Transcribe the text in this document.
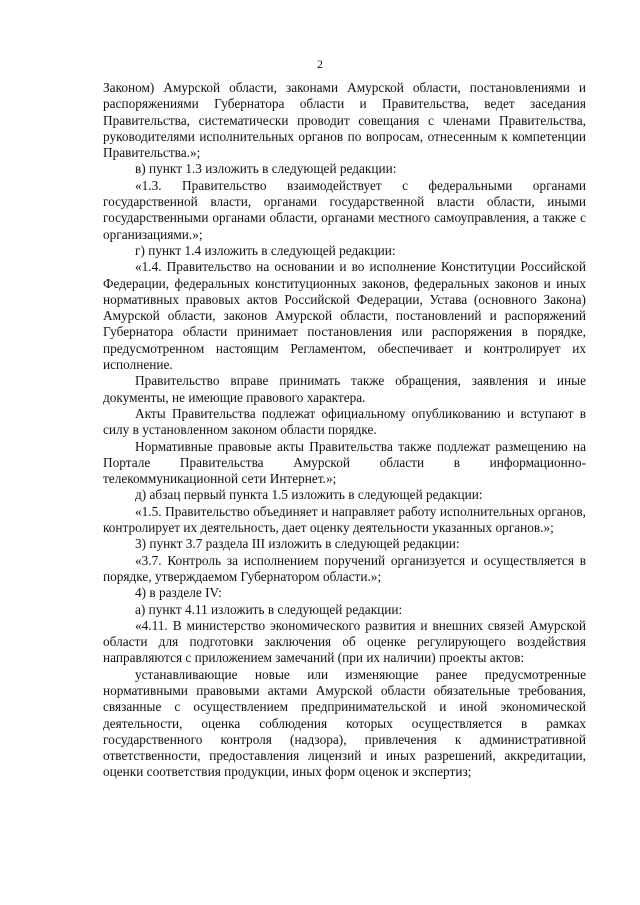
2

Законом) Амурской области, законами Амурской области, постановлениями и распоряжениями Губернатора области и Правительства, ведет заседания Правительства, систематически проводит совещания с членами Правительства, руководителями исполнительных органов по вопросам, отнесенным к компетенции Правительства.»;

в) пункт 1.3 изложить в следующей редакции:

«1.3. Правительство взаимодействует с федеральными органами государственной власти, органами государственной власти области, иными государственными органами области, органами местного самоуправления, а также с организациями.»;

г) пункт 1.4 изложить в следующей редакции:

«1.4. Правительство на основании и во исполнение Конституции Российской Федерации, федеральных конституционных законов, федеральных законов и иных нормативных правовых актов Российской Федерации, Устава (основного Закона) Амурской области, законов Амурской области, постановлений и распоряжений Губернатора области принимает постановления или распоряжения в порядке, предусмотренном настоящим Регламентом, обеспечивает и контролирует их исполнение.

Правительство вправе принимать также обращения, заявления и иные документы, не имеющие правового характера.

Акты Правительства подлежат официальному опубликованию и вступают в силу в установленном законом области порядке.

Нормативные правовые акты Правительства также подлежат размещению на Портале Правительства Амурской области в информационно-телекоммуникационной сети Интернет.»;

д) абзац первый пункта 1.5 изложить в следующей редакции:

«1.5. Правительство объединяет и направляет работу исполнительных органов, контролирует их деятельность, дает оценку деятельности указанных органов.»;

3) пункт 3.7 раздела III изложить в следующей редакции:

«3.7. Контроль за исполнением поручений организуется и осуществляется в порядке, утверждаемом Губернатором области.»;

4) в разделе IV:

а) пункт 4.11 изложить в следующей редакции:

«4.11. В министерство экономического развития и внешних связей Амурской области для подготовки заключения об оценке регулирующего воздействия направляются с приложением замечаний (при их наличии) проекты актов:

устанавливающие новые или изменяющие ранее предусмотренные нормативными правовыми актами Амурской области обязательные требования, связанные с осуществлением предпринимательской и иной экономической деятельности, оценка соблюдения которых осуществляется в рамках государственного контроля (надзора), привлечения к административной ответственности, предоставления лицензий и иных разрешений, аккредитации, оценки соответствия продукции, иных форм оценок и экспертиз;
